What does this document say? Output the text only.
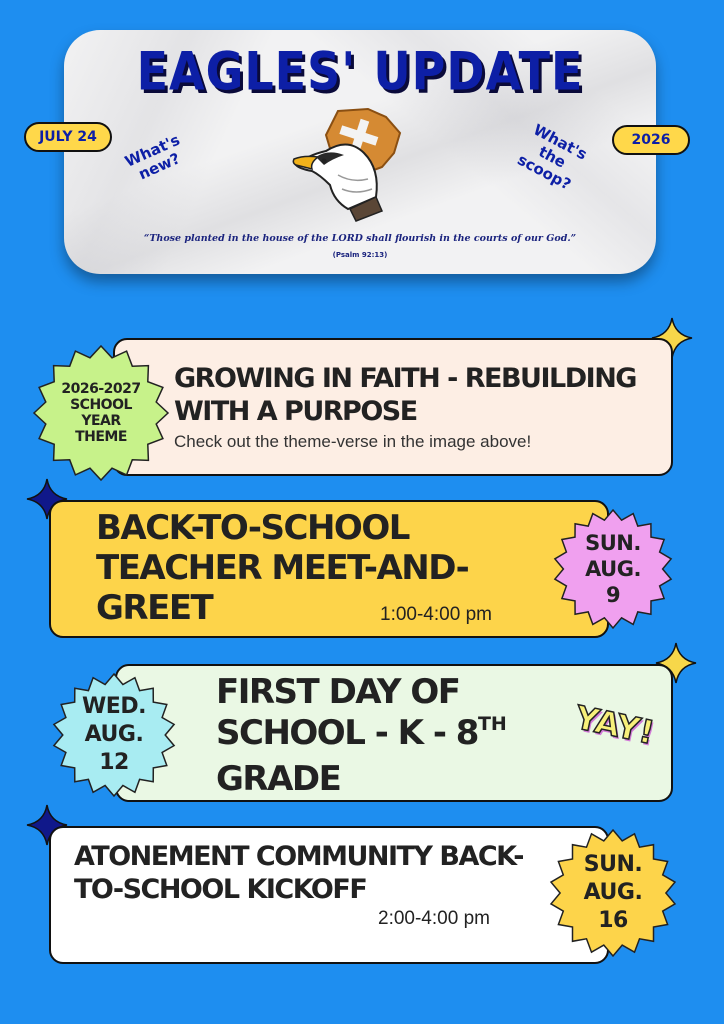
EAGLES' UPDATE
JULY 24	2026
What's new?
What's the scoop?
“Those planted in the house of the LORD shall flourish in the courts of our God.”
(Psalm 92:13)
2026-2027 SCHOOL YEAR THEME
GROWING IN FAITH - REBUILDING WITH A PURPOSE
Check out the theme-verse in the image above!
BACK-TO-SCHOOL TEACHER MEET-AND-GREET	1:00-4:00 pm
SUN. AUG. 9
WED. AUG. 12
FIRST DAY OF SCHOOL - K - 8TH
GRADE
YAY!
ATONEMENT COMMUNITY BACK-TO-SCHOOL KICKOFF
2:00-4:00 pm
SUN. AUG. 16
